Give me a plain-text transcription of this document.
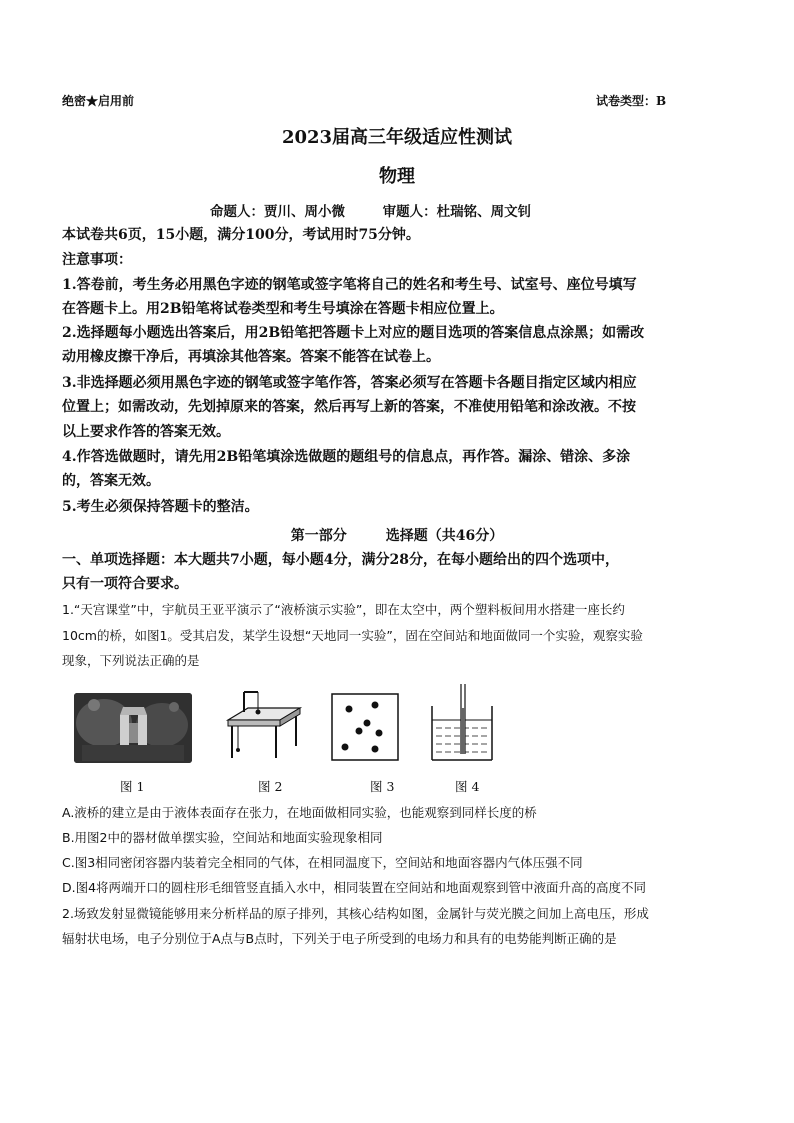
绝密★启用前	试卷类型：B
2023届高三年级适应性测试
物理
命题人：贾川、周小微        审题人：杜瑞铭、周文钊
本试卷共6页，15小题，满分100分，考试用时75分钟。
注意事项：
1.答卷前，考生务必用黑色字迹的钢笔或签字笔将自己的姓名和考生号、试室号、座位号填写
在答题卡上。用2B铅笔将试卷类型和考生号填涂在答题卡相应位置上。
2.选择题每小题选出答案后，用2B铅笔把答题卡上对应的题目选项的答案信息点涂黑；如需改
动用橡皮擦干净后，再填涂其他答案。答案不能答在试卷上。
3.非选择题必须用黑色字迹的钢笔或签字笔作答，答案必须写在答题卡各题目指定区域内相应
位置上；如需改动，先划掉原来的答案，然后再写上新的答案，不准使用铅笔和涂改液。不按
以上要求作答的答案无效。
4.作答选做题时，请先用2B铅笔填涂选做题的题组号的信息点，再作答。漏涂、错涂、多涂
的，答案无效。
5.考生必须保持答题卡的整洁。
第一部分        选择题（共46分）
一、单项选择题：本大题共7小题，每小题4分，满分28分，在每小题给出的四个选项中，
只有一项符合要求。
1.“天宫课堂”中，宇航员王亚平演示了“液桥演示实验”，即在太空中，两个塑料板间用水搭建一座长约
10cm的桥，如图1。受其启发，某学生设想“天地同一实验”，固在空间站和地面做同一个实验，观察实验
现象，下列说法正确的是
图 1	图 2	图 3	图 4
A.液桥的建立是由于液体表面存在张力，在地面做相同实验，也能观察到同样长度的桥
B.用图2中的器材做单摆实验，空间站和地面实验现象相同
C.图3相同密闭容器内装着完全相同的气体，在相同温度下，空间站和地面容器内气体压强不同
D.图4将两端开口的圆柱形毛细管竖直插入水中，相同装置在空间站和地面观察到管中液面升高的高度不同
2.场致发射显微镜能够用来分析样品的原子排列，其核心结构如图，金属针与荧光膜之间加上高电压，形成
辐射状电场，电子分别位于A点与B点时，下列关于电子所受到的电场力和具有的电势能判断正确的是
